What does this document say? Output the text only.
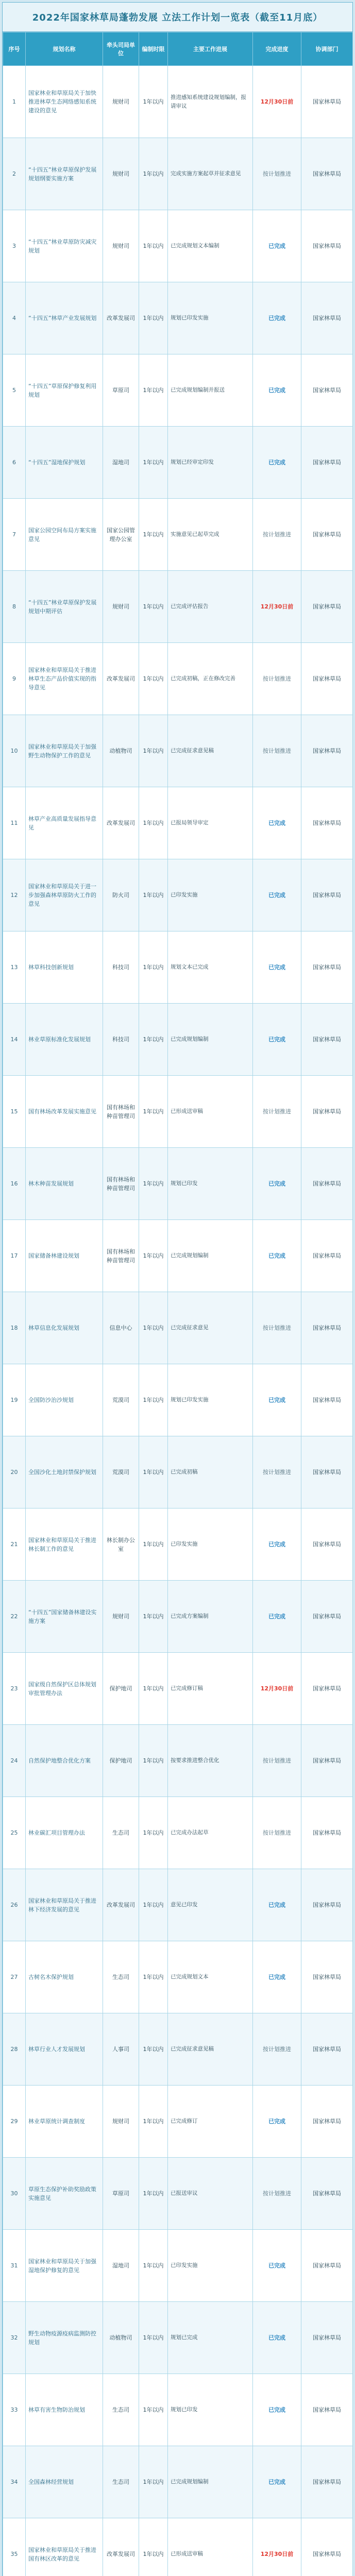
2022年国家林草局蓬勃发展 立法工作计划一览表（截至11月底）
序号	规划名称	牵头司局单位	编制时限	主要工作进展	完成进度	协调部门
1	国家林业和草原局关于加快推进林草生态网络感知系统建设的意见	规财司	1年以内	推进感知系统建设规划编制，报请审议	12月30日前	国家林草局
2	“十四五”林业草原保护发展规划纲要实施方案	规财司	1年以内	完成实施方案起草并征求意见	按计划推进	国家林草局
3	“十四五”林业草原防灾减灾规划	规财司	1年以内	已完成规划文本编制	已完成	国家林草局
4	“十四五”林草产业发展规划	改革发展司	1年以内	规划已印发实施	已完成	国家林草局
5	“十四五”草原保护修复利用规划	草原司	1年以内	已完成规划编制并报送	已完成	国家林草局
6	“十四五”湿地保护规划	湿地司	1年以内	规划已经审定印发	已完成	国家林草局
7	国家公园空间布局方案实施意见	国家公园管理办公室	1年以内	实施意见已起草完成	按计划推进	国家林草局
8	“十四五”林业草原保护发展规划中期评估	规财司	1年以内	已完成评估报告	12月30日前	国家林草局
9	国家林业和草原局关于推进林草生态产品价值实现的指导意见	改革发展司	1年以内	已完成初稿，正在修改完善	按计划推进	国家林草局
10	国家林业和草原局关于加强野生动物保护工作的意见	动植物司	1年以内	已完成征求意见稿	按计划推进	国家林草局
11	林草产业高质量发展指导意见	改革发展司	1年以内	已报局领导审定	已完成	国家林草局
12	国家林业和草原局关于进一步加强森林草原防火工作的意见	防火司	1年以内	已印发实施	已完成	国家林草局
13	林草科技创新规划	科技司	1年以内	规划文本已完成	已完成	国家林草局
14	林业草原标准化发展规划	科技司	1年以内	已完成规划编制	已完成	国家林草局
15	国有林场改革发展实施意见	国有林场和种苗管理司	1年以内	已形成送审稿	按计划推进	国家林草局
16	林木种苗发展规划	国有林场和种苗管理司	1年以内	规划已印发	已完成	国家林草局
17	国家储备林建设规划	国有林场和种苗管理司	1年以内	已完成规划编制	已完成	国家林草局
18	林草信息化发展规划	信息中心	1年以内	已完成征求意见	按计划推进	国家林草局
19	全国防沙治沙规划	荒漠司	1年以内	规划已印发实施	已完成	国家林草局
20	全国沙化土地封禁保护规划	荒漠司	1年以内	已完成初稿	按计划推进	国家林草局
21	国家林业和草原局关于推进林长制工作的意见	林长制办公室	1年以内	已印发实施	已完成	国家林草局
22	“十四五”国家储备林建设实施方案	规财司	1年以内	已完成方案编制	已完成	国家林草局
23	国家级自然保护区总体规划审批管理办法	保护地司	1年以内	已完成修订稿	12月30日前	国家林草局
24	自然保护地整合优化方案	保护地司	1年以内	按要求推进整合优化	按计划推进	国家林草局
25	林业碳汇项目管理办法	生态司	1年以内	已完成办法起草	按计划推进	国家林草局
26	国家林业和草原局关于推进林下经济发展的意见	改革发展司	1年以内	意见已印发	已完成	国家林草局
27	古树名木保护规划	生态司	1年以内	已完成规划文本	已完成	国家林草局
28	林草行业人才发展规划	人事司	1年以内	已完成征求意见稿	按计划推进	国家林草局
29	林业草原统计调查制度	规财司	1年以内	已完成修订	已完成	国家林草局
30	草原生态保护补助奖励政策实施意见	草原司	1年以内	已报送审议	按计划推进	国家林草局
31	国家林业和草原局关于加强湿地保护修复的意见	湿地司	1年以内	已印发实施	已完成	国家林草局
32	野生动物疫源疫病监测防控规划	动植物司	1年以内	规划已完成	已完成	国家林草局
33	林草有害生物防治规划	生态司	1年以内	规划已印发	已完成	国家林草局
34	全国森林经营规划	生态司	1年以内	已完成规划编制	已完成	国家林草局
35	国家林业和草原局关于推进国有林区改革的意见	改革发展司	1年以内	已形成送审稿	12月30日前	国家林草局
